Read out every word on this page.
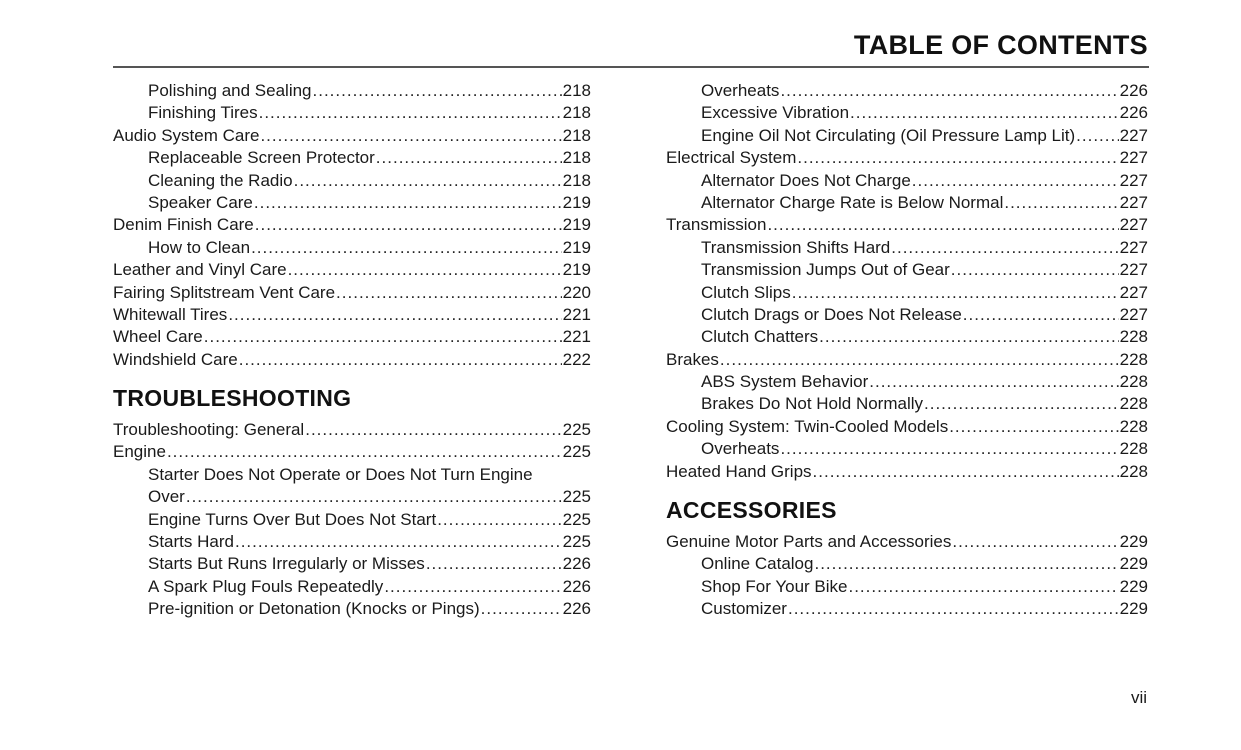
TABLE OF CONTENTS
Polishing and Sealing .....	218
Finishing Tires .....	218
Audio System Care .....	218
Replaceable Screen Protector .....	218
Cleaning the Radio .....	218
Speaker Care .....	219
Denim Finish Care .....	219
How to Clean .....	219
Leather and Vinyl Care .....	219
Fairing Splitstream Vent Care .....	220
Whitewall Tires .....	221
Wheel Care .....	221
Windshield Care .....	222
TROUBLESHOOTING
Troubleshooting: General .....	225
Engine .....	225
Starter Does Not Operate or Does Not Turn Engine
Over .....	225
Engine Turns Over But Does Not Start .....	225
Starts Hard .....	225
Starts But Runs Irregularly or Misses .....	226
A Spark Plug Fouls Repeatedly .....	226
Pre-ignition or Detonation (Knocks or Pings) .....	226
Overheats .....	226
Excessive Vibration .....	226
Engine Oil Not Circulating (Oil Pressure Lamp Lit) .....	227
Electrical System .....	227
Alternator Does Not Charge .....	227
Alternator Charge Rate is Below Normal .....	227
Transmission .....	227
Transmission Shifts Hard .....	227
Transmission Jumps Out of Gear .....	227
Clutch Slips .....	227
Clutch Drags or Does Not Release .....	227
Clutch Chatters .....	228
Brakes .....	228
ABS System Behavior .....	228
Brakes Do Not Hold Normally .....	228
Cooling System: Twin-Cooled Models .....	228
Overheats .....	228
Heated Hand Grips .....	228
ACCESSORIES
Genuine Motor Parts and Accessories .....	229
Online Catalog .....	229
Shop For Your Bike .....	229
Customizer .....	229
vii
